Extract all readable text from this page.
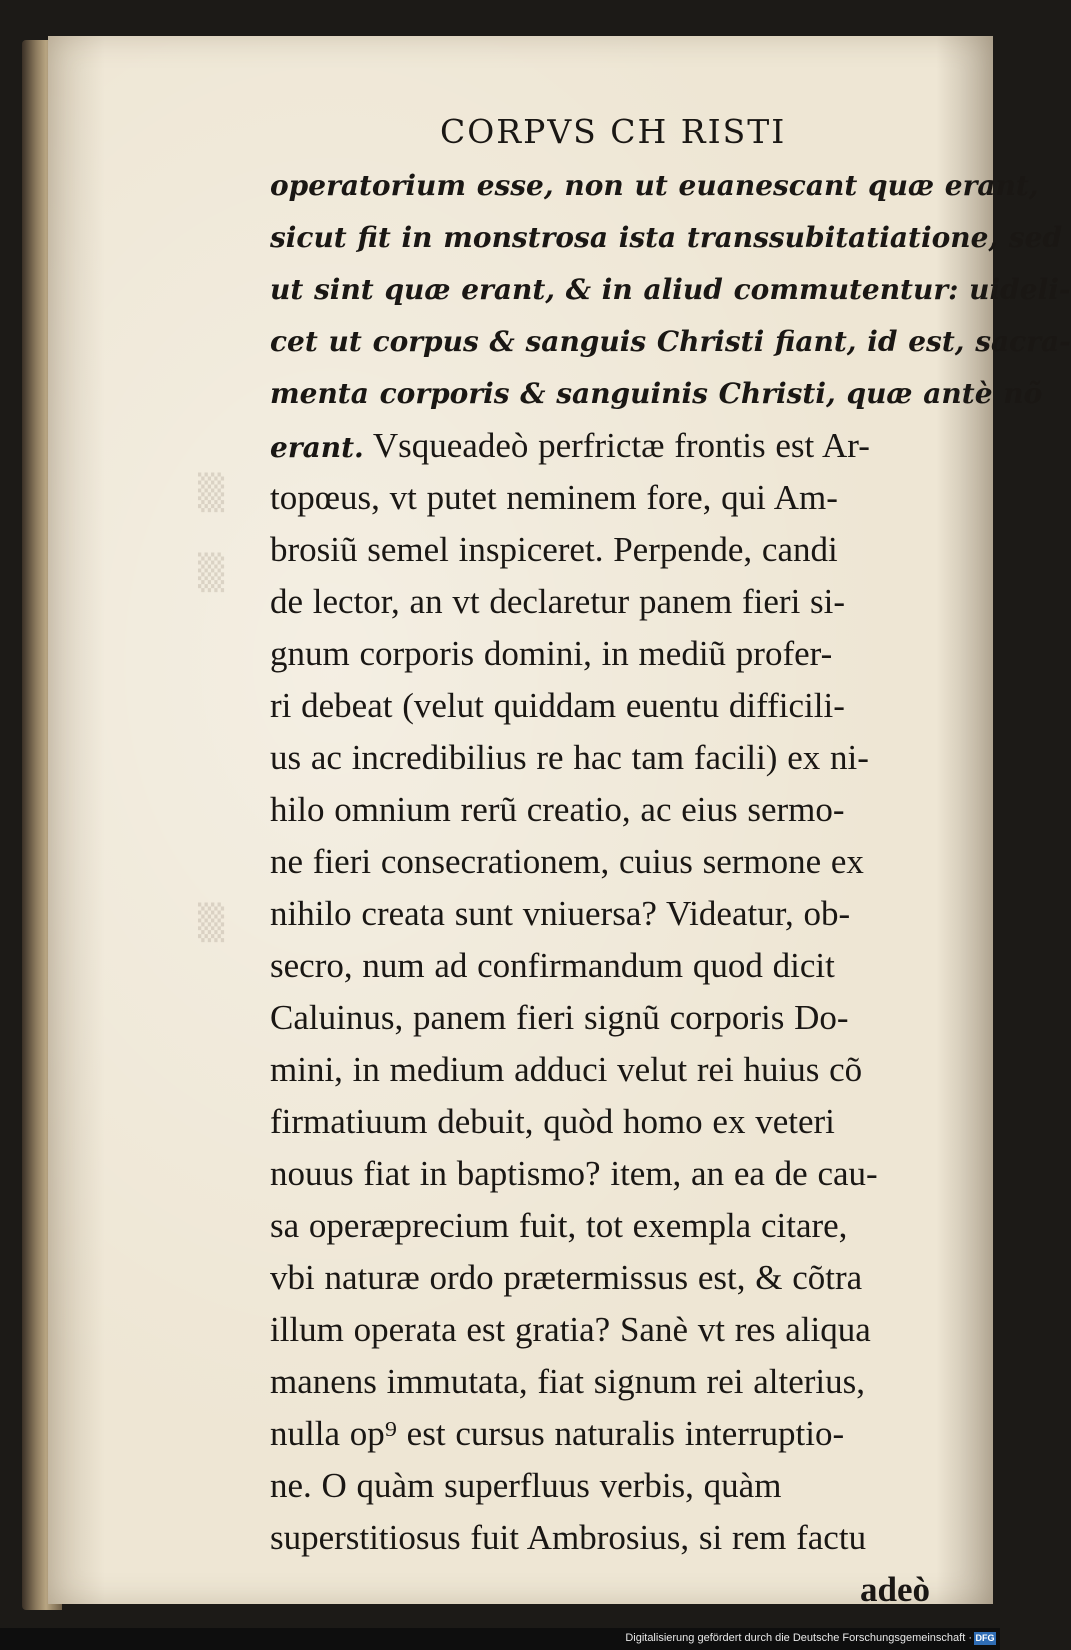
▒
▒
▒
CORPVS CH RISTI
operatorium esse, non ut euanescant quæ erant,
sicut fit in monstrosa ista transsubitatiatione, sed
ut sint quæ erant, & in aliud commutentur: uideli-
cet ut corpus & sanguis Christi fiant, id est, sacra-
menta corporis & sanguinis Christi, quæ antè nõ
erant. Vsqueadeò perfrictæ frontis est Ar-
topœus, vt putet neminem fore, qui Am-
brosiũ semel inspiceret. Perpende, candi
de lector, an vt declaretur panem fieri si-
gnum corporis domini, in mediũ profer-
ri debeat (velut quiddam euentu difficili-
us ac incredibilius re hac tam facili) ex ni-
hilo omnium rerũ creatio, ac eius sermo-
ne fieri consecrationem, cuius sermone ex
nihilo creata sunt vniuersa? Videatur, ob-
secro, num ad confirmandum quod dicit
Caluinus, panem fieri signũ corporis Do-
mini, in medium adduci velut rei huius cõ
firmatiuum debuit, quòd homo ex veteri
nouus fiat in baptismo? item, an ea de cau-
sa operæprecium fuit, tot exempla citare,
vbi naturæ ordo prætermissus est, & cõtra
illum operata est gratia? Sanè vt res aliqua
manens immutata, fiat signum rei alterius,
nulla op⁹ est cursus naturalis interruptio-
ne. O quàm superfluus verbis, quàm
superstitiosus fuit Ambrosius, si rem factu
adeò
Digitalisierung gefördert durch die Deutsche Forschungsgemeinschaft · DFG
